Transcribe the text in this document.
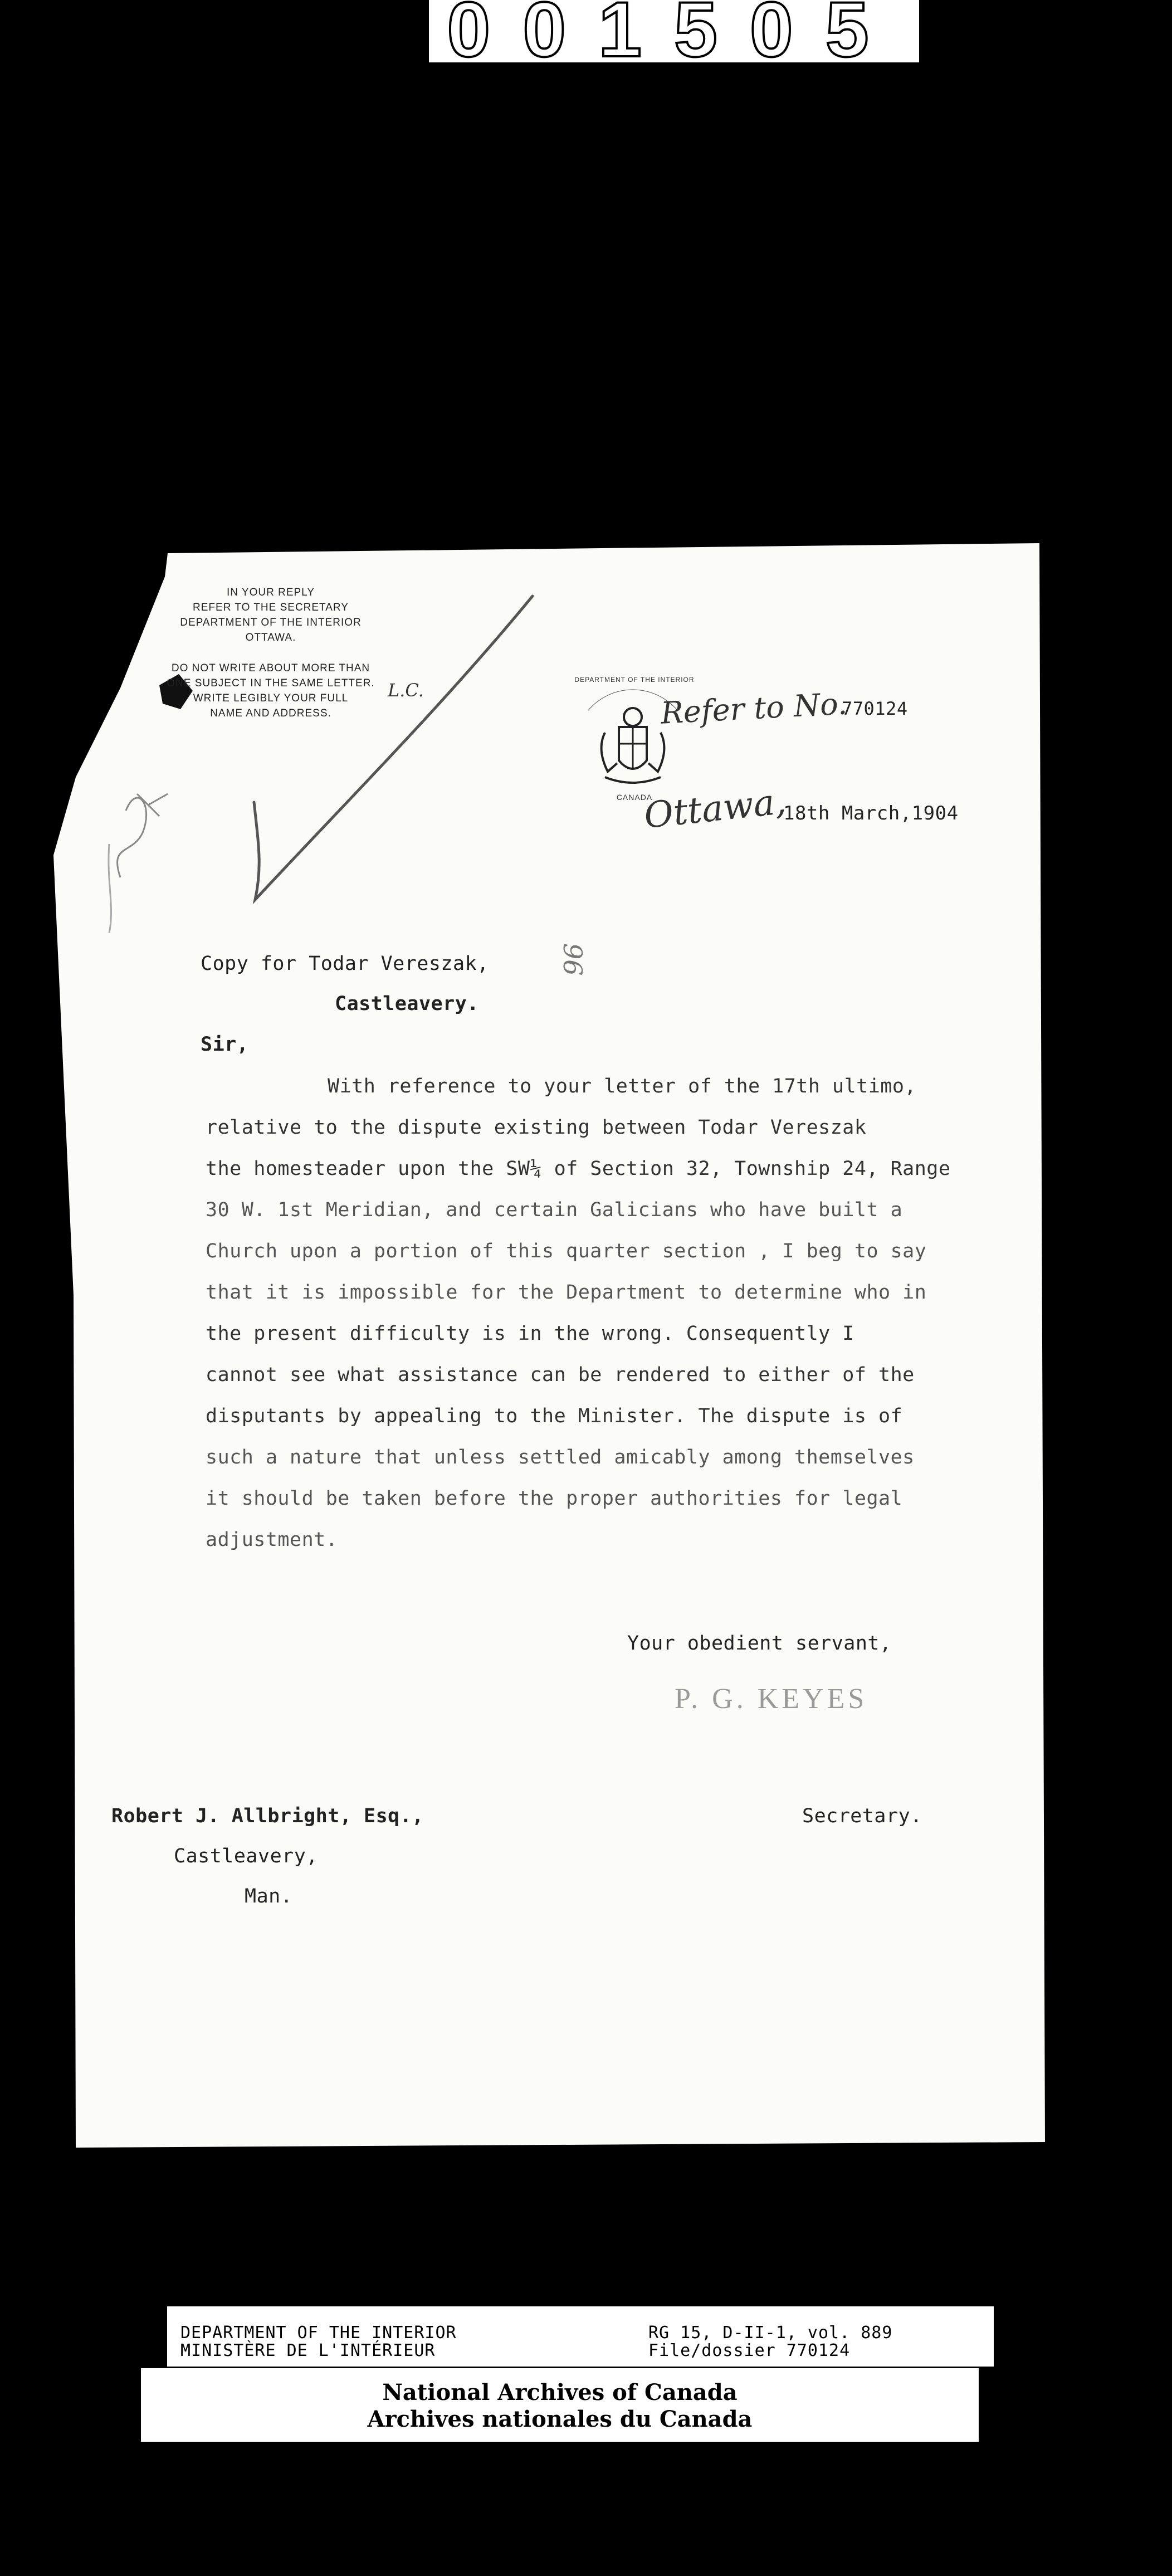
001505
IN YOUR REPLY
REFER TO THE SECRETARY
DEPARTMENT OF THE INTERIOR
OTTAWA.
DO NOT WRITE ABOUT MORE THAN
ONE SUBJECT IN THE SAME LETTER.
WRITE LEGIBLY YOUR FULL
NAME AND ADDRESS.
L.C.	DEPARTMENT OF THE INTERIOR
CANADA
Refer to No.
770124
Ottawa,
18th March,1904
Copy for Todar Vereszak,
Castleavery.
96
Sir,
With reference to your letter of the 17th ultimo,
relative to the dispute existing between Todar Vereszak
the homesteader upon the SW¼ of Section 32, Township 24, Range
30 W. 1st Meridian, and certain Galicians who have built a
Church upon a portion of this quarter section , I beg to say
that it is impossible for the Department to determine who in
the present difficulty is in the wrong. Consequently I
cannot see what assistance can be rendered to either of the
disputants by appealing to the Minister. The dispute is of
such a nature that unless settled amicably among themselves
it should be taken before the proper authorities for legal
adjustment.
Your obedient servant,
P. G. KEYES
Secretary.
Robert J. Allbright, Esq.,
Castleavery,
Man.
DEPARTMENT OF THE INTERIOR
MINISTÈRE DE L'INTÉRIEUR
RG 15, D-II-1, vol. 889
File/dossier 770124
National Archives of Canada
Archives nationales du Canada
